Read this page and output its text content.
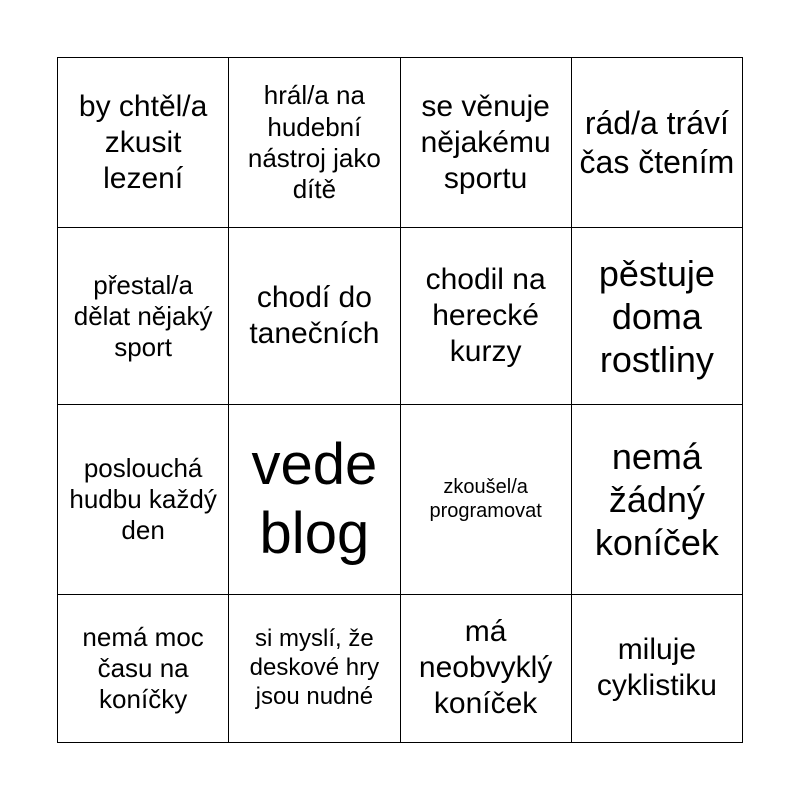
by chtěl/a zkusit lezení	hrál/a na hudební nástroj jako dítě	se věnuje nějakému sportu	rád/a tráví čas čtením

přestal/a dělat nějaký sport	chodí do tanečních	chodil na herecké kurzy	pěstuje doma rostliny

poslouchá hudbu každý den	vede blog	zkoušel/a programovat	nemá žádný koníček

nemá moc času na koníčky	si myslí, že deskové hry jsou nudné	má neobvyklý koníček	miluje cyklistiku
